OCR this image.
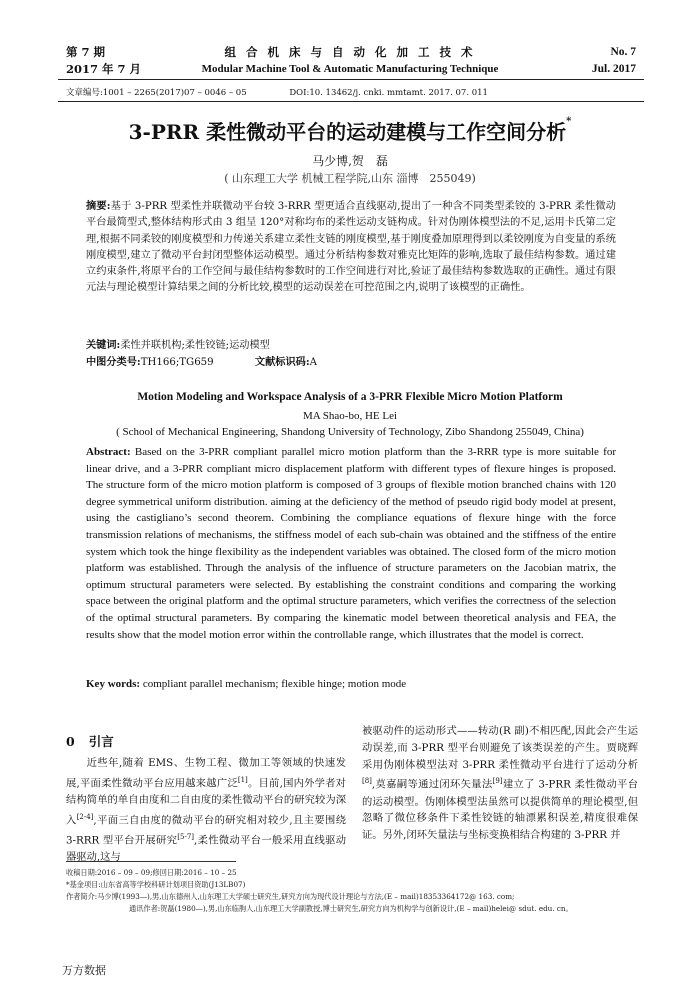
第 7 期
2017 年 7 月
组 合 机 床 与 自 动 化 加 工 技 术
Modular Machine Tool & Automatic Manufacturing Technique
No. 7
Jul. 2017
文章编号:1001 – 2265(2017)07 – 0046 – 05	DOI:10. 13462/j. cnki. mmtamt. 2017. 07. 011
3-PRR 柔性微动平台的运动建模与工作空间分析*
马少博,贺　磊
( 山东理工大学 机械工程学院,山东 淄博　255049)
摘要:基于 3-PRR 型柔性并联微动平台较 3-RRR 型更适合直线驱动,提出了一种含不同类型柔铰的 3-PRR 柔性微动平台最简型式,整体结构形式由 3 组呈 120°对称均布的柔性运动支链构成。针对伪刚体模型法的不足,运用卡氏第二定理,根据不同柔铰的刚度模型和力传递关系建立柔性支链的刚度模型,基于刚度叠加原理得到以柔铰刚度为自变量的系统刚度模型,建立了微动平台封闭型整体运动模型。通过分析结构参数对雅克比矩阵的影响,选取了最佳结构参数。通过建立约束条件,将原平台的工作空间与最佳结构参数时的工作空间进行对比,验证了最佳结构参数选取的正确性。通过有限元法与理论模型计算结果之间的分析比较,模型的运动误差在可控范围之内,说明了该模型的正确性。
关键词:柔性并联机构;柔性铰链;运动模型
中图分类号:TH166;TG659	文献标识码:A
Motion Modeling and Workspace Analysis of a 3-PRR Flexible Micro Motion Platform
MA Shao-bo, HE Lei
( School of Mechanical Engineering, Shandong University of Technology, Zibo Shandong 255049, China)
Abstract: Based on the 3-PRR compliant parallel micro motion platform than the 3-RRR type is more suitable for linear drive, and a 3-PRR compliant micro displacement platform with different types of flexure hinges is proposed. The structure form of the micro motion platform is composed of 3 groups of flexible motion branched chains with 120 degree symmetrical uniform distribution. aiming at the deficiency of the method of pseudo rigid body model at present, using the castigliano’s second theorem. Combining the compliance equations of flexure hinge with the force transmission relations of mechanisms, the stiffness model of each sub-chain was obtained and the stiffness of the entire system which took the hinge flexibility as the independent variables was obtained. The closed form of the micro motion platform was established. Through the analysis of the influence of structure parameters on the Jacobian matrix, the optimum structural parameters were selected. By establishing the constraint conditions and comparing the working space between the original platform and the optimal structure parameters, which verifies the correctness of the selection of the optimal structural parameters. By comparing the kinematic model between theoretical analysis and FEA, the results show that the model motion error within the controllable range, which illustrates that the model is correct.
Key words: compliant parallel mechanism; flexible hinge; motion mode
0 引言
近些年,随着 EMS、生物工程、微加工等领域的快速发展,平面柔性微动平台应用越来越广泛[1]。目前,国内外学者对结构简单的单自由度和二自由度的柔性微动平台的研究较为深入[2-4],平面三自由度的微动平台的研究相对较少,且主要围绕 3-RRR 型平台开展研究[5-7],柔性微动平台一般采用直线驱动器驱动,这与
被驱动件的运动形式——转动(R 副)不相匹配,因此会产生运动误差,而 3-PRR 型平台则避免了该类误差的产生。贾晓辉采用伪刚体模型法对 3-PRR 柔性微动平台进行了运动分析[8],莫嘉嗣等通过闭环矢量法[9]建立了 3-PRR 柔性微动平台的运动模型。伪刚体模型法虽然可以提供简单的理论模型,但忽略了微位移条件下柔性铰链的轴漂累积误差,精度很难保证。另外,闭环矢量法与坐标变换相结合构建的 3-PRR 并
收稿日期:2016 – 09 – 09;修回日期:2016 – 10 – 25
*基金项目:山东省高等学校科研计划项目资助(J13LB07)
作者简介:马少博(1993—),男,山东德州人,山东理工大学硕士研究生,研究方向为现代设计理论与方法,(E – mail)18353364172@ 163. com;
通讯作者:贺磊(1980—),男,山东临朐人,山东理工大学副教授,博士研究生,研究方向为机构学与创新设计,(E – mail)helei@ sdut. edu. cn。
万方数据
